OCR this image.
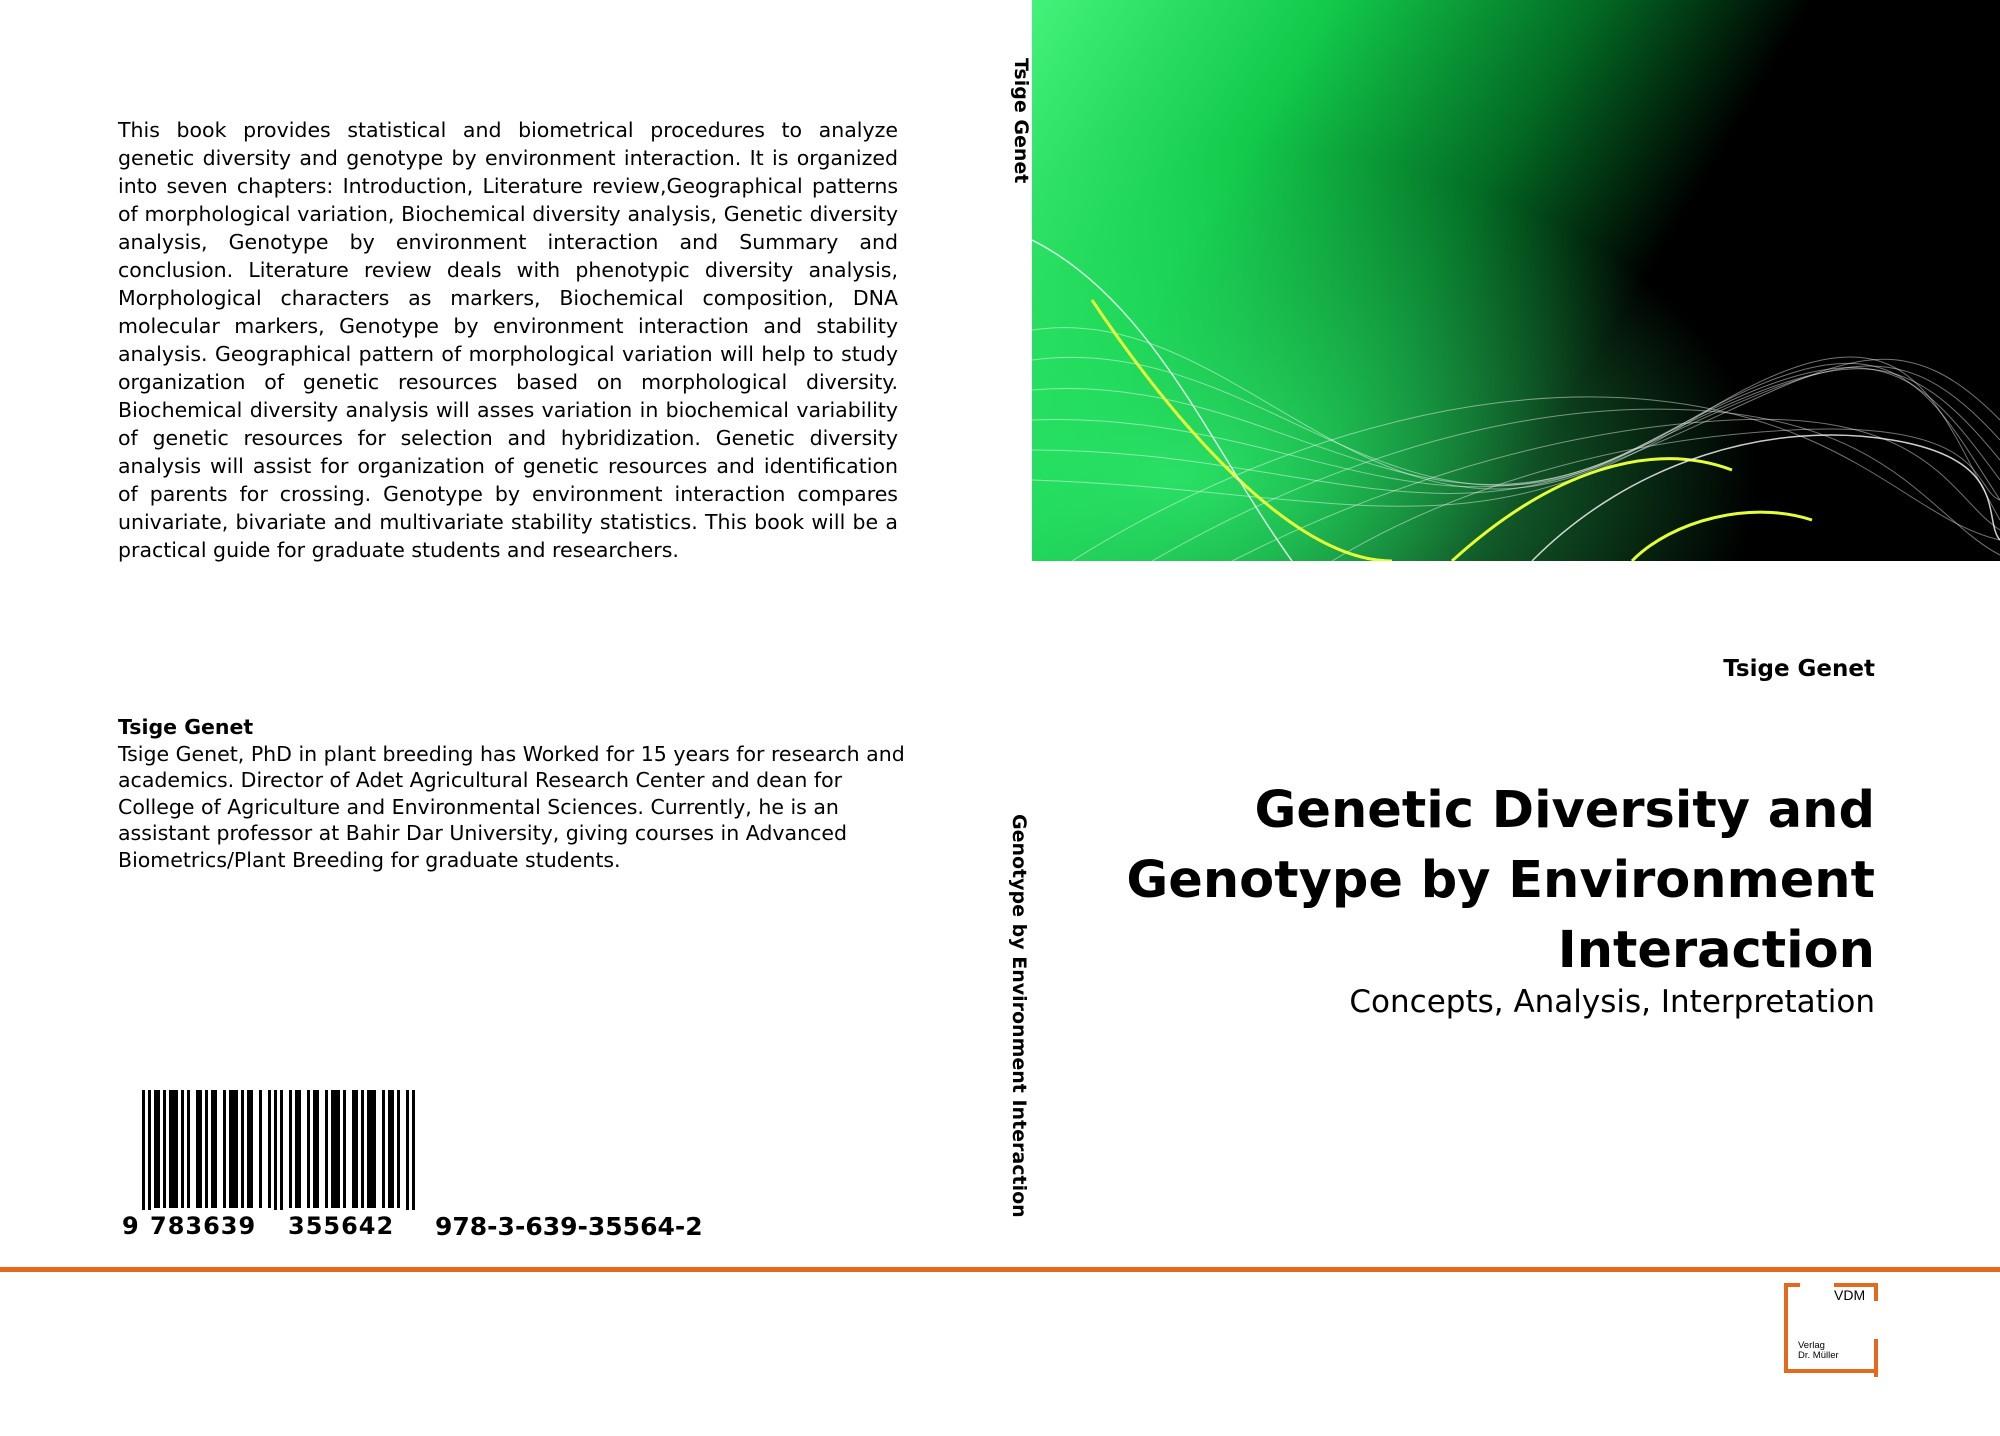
This book provides statistical and biometrical procedures to analyze genetic diversity and genotype by environment interaction. It is organized into seven chapters: Introduction, Literature review,Geographical patterns of morphological variation, Biochemical diversity analysis, Genetic diversity analysis, Genotype by environment interaction and Summary and conclusion. Literature review deals with phenotypic diversity analysis, Morphological characters as markers, Biochemical composition, DNA molecular markers, Genotype by environment interaction and stability analysis. Geographical pattern of morphological variation will help to study organization of genetic resources based on morphological diversity. Biochemical diversity analysis will asses variation in biochemical variability of genetic resources for selection and hybridization. Genetic diversity analysis will assist for organization of genetic resources and identification of parents for crossing. Genotype by environment interaction compares univariate, bivariate and multivariate stability statistics. This book will be a practical guide for graduate students and researchers.
Tsige Genet
Tsige Genet, PhD in plant breeding has Worked for 15 years for research and academics. Director of Adet Agricultural Research Center and dean for College of Agriculture and Environmental Sciences. Currently, he is an assistant professor at Bahir Dar University, giving courses in Advanced Biometrics/Plant Breeding for graduate students.
9 783639 355642 978-3-639-35564-2
Tsige Genet
Genotype by Environment Interaction
Tsige Genet
Genetic Diversity and Genotype by Environment Interaction
Concepts, Analysis, Interpretation
VDM
Verlag
Dr. Müller
